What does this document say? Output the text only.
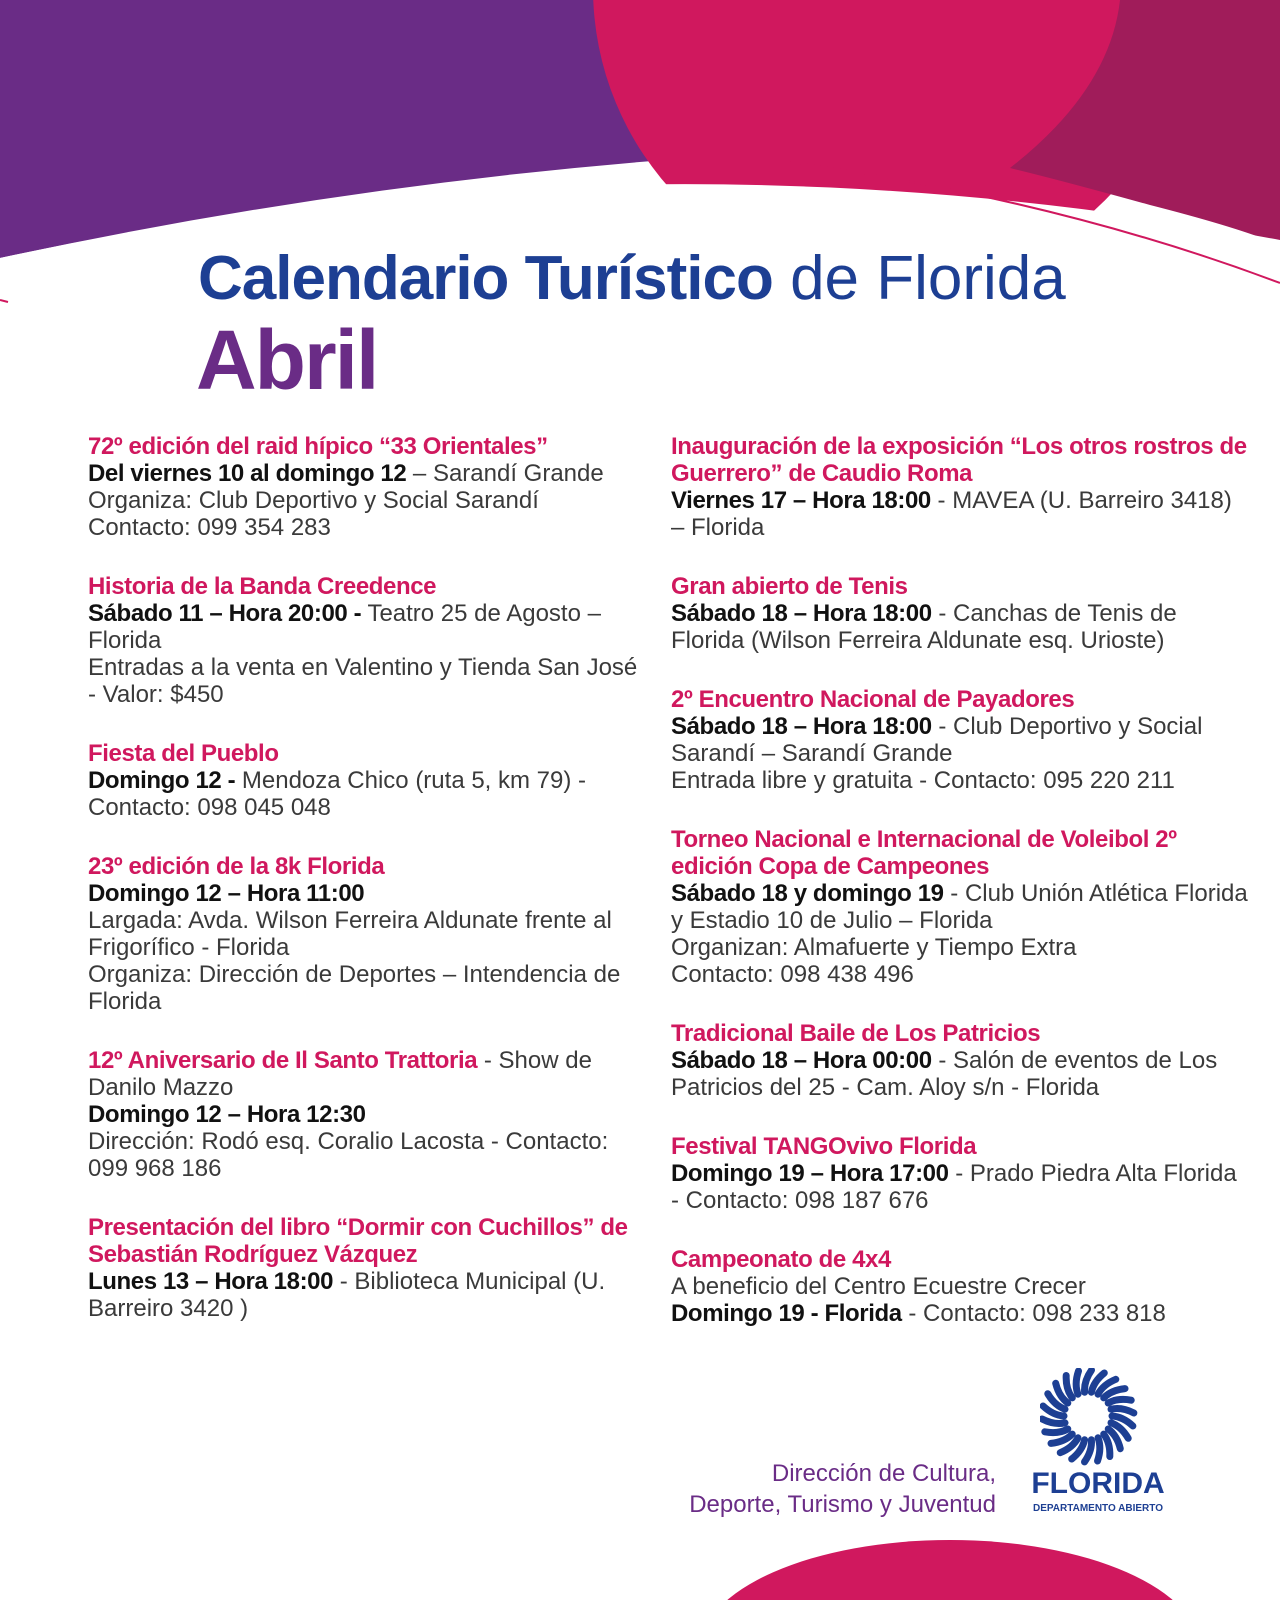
Calendario Turístico de Florida
Abril

72º edición del raid hípico “33 Orientales”

Del viernes 10 al domingo 12 – Sarandí Grande

Organiza: Club Deportivo y Social Sarandí

Contacto: 099 354 283

Historia de la Banda Creedence

Sábado 11 – Hora 20:00 - Teatro 25 de Agosto – Florida

Entradas a la venta en Valentino y Tienda San José - Valor: $450

Fiesta del Pueblo

Domingo 12 - Mendoza Chico (ruta 5, km 79) - Contacto: 098 045 048

23º edición de la 8k Florida

Domingo 12 – Hora 11:00

Largada: Avda. Wilson Ferreira Aldunate frente al Frigorífico - Florida

Organiza: Dirección de Deportes – Intendencia de Florida

12º Aniversario de Il Santo Trattoria - Show de Danilo Mazzo

Domingo 12 – Hora 12:30

Dirección: Rodó esq. Coralio Lacosta - Contacto: 099 968 186

Presentación del libro “Dormir con Cuchillos” de Sebastián Rodríguez Vázquez

Lunes 13 – Hora 18:00 - Biblioteca Municipal (U. Barreiro 3420 )

Inauguración de la exposición “Los otros rostros de Guerrero” de Caudio Roma

Viernes 17 – Hora 18:00 - MAVEA (U. Barreiro 3418) – Florida

Gran abierto de Tenis

Sábado 18 – Hora 18:00 - Canchas de Tenis de Florida (Wilson Ferreira Aldunate esq. Urioste)

2º Encuentro Nacional de Payadores

Sábado 18 – Hora 18:00 - Club Deportivo y Social Sarandí – Sarandí Grande

Entrada libre y gratuita - Contacto: 095 220 211

Torneo Nacional e Internacional de Voleibol 2º edición Copa de Campeones

Sábado 18 y domingo 19 - Club Unión Atlética Florida y Estadio 10 de Julio – Florida

Organizan: Almafuerte y Tiempo Extra

Contacto: 098 438 496

Tradicional Baile de Los Patricios

Sábado 18 – Hora 00:00 - Salón de eventos de Los Patricios del 25 - Cam. Aloy s/n - Florida

Festival TANGOvivo Florida

Domingo 19 – Hora 17:00 - Prado Piedra Alta Florida - Contacto: 098 187 676

Campeonato de 4x4

A beneficio del Centro Ecuestre Crecer

Domingo 19 - Florida - Contacto: 098 233 818

Dirección de Cultura,

Deporte, Turismo y Juventud

FLORIDA
DEPARTAMENTO ABIERTO
